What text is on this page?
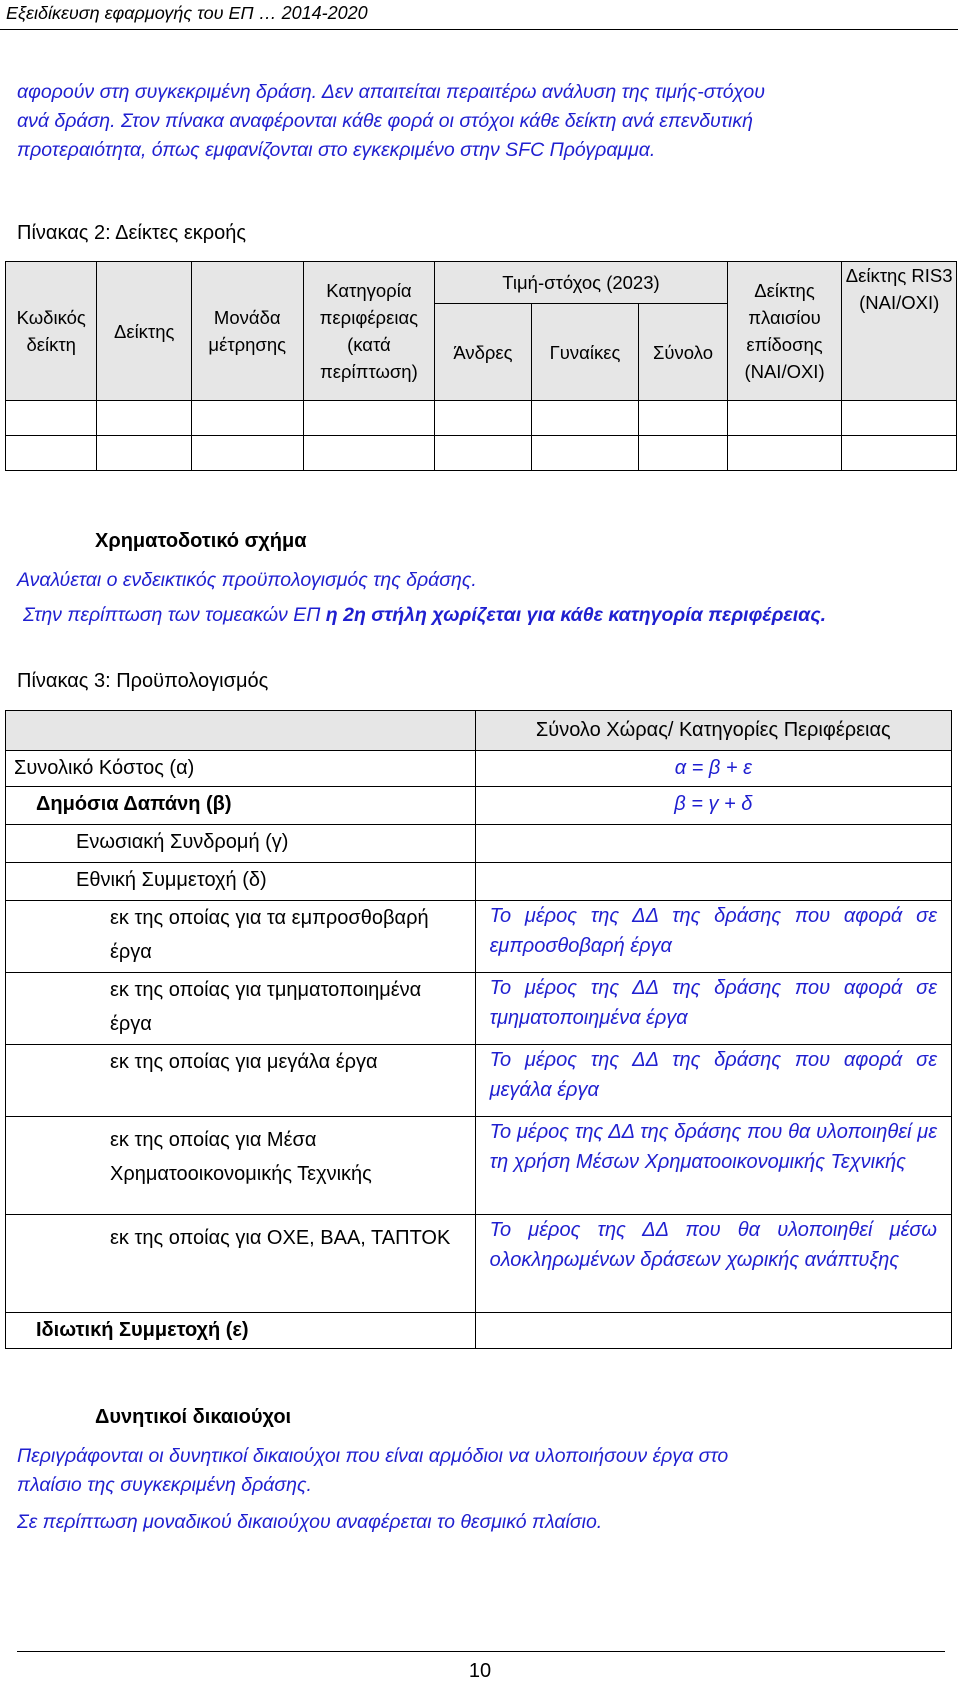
Εξειδίκευση εφαρμογής του ΕΠ … 2014-2020
αφορούν στη συγκεκριμένη δράση. Δεν απαιτείται περαιτέρω ανάλυση της τιμής-στόχου
ανά δράση. Στον πίνακα αναφέρονται κάθε φορά οι στόχοι κάθε δείκτη ανά επενδυτική
προτεραιότητα, όπως εμφανίζονται στο εγκεκριμένο στην SFC Πρόγραμμα.
Πίνακας 2: Δείκτες εκροής
Κωδικός δείκτη	Δείκτης	Μονάδα μέτρησης	Κατηγορία περιφέρειας (κατά περίπτωση)	Τιμή-στόχος (2023)			Δείκτης πλαισίου επίδοσης (ΝΑΙ/ΟΧΙ)	Δείκτης RIS3 (ΝΑΙ/ΟΧΙ)
				Άνδρες	Γυναίκες	Σύνολο		

Χρηματοδοτικό σχήμα
Αναλύεται ο ενδεικτικός προϋπολογισμός της δράσης.
Στην περίπτωση των τομεακών ΕΠ η 2η στήλη χωρίζεται για κάθε κατηγορία περιφέρειας.
Πίνακας 3: Προϋπολογισμός
	Σύνολο Χώρας/ Κατηγορίες Περιφέρειας
Συνολικό Κόστος (α)	α = β + ε
Δημόσια Δαπάνη (β)	β = γ + δ
Ενωσιακή Συνδρομή (γ)	
Εθνική Συμμετοχή (δ)	
εκ της οποίας για τα εμπροσθοβαρή έργα	Το μέρος της ΔΔ της δράσης που αφορά σε εμπροσθοβαρή έργα
εκ της οποίας για τμηματοποιημένα έργα	Το μέρος της ΔΔ της δράσης που αφορά σε τμηματοποιημένα έργα
εκ της οποίας για μεγάλα έργα	Το μέρος της ΔΔ της δράσης που αφορά σε μεγάλα έργα
εκ της οποίας για Μέσα Χρηματοοικονομικής Τεχνικής	Το μέρος της ΔΔ της δράσης που θα υλοποιηθεί με τη χρήση Μέσων Χρηματοοικονομικής Τεχνικής
εκ της οποίας για ΟΧΕ, ΒΑΑ, ΤΑΠΤΟΚ	Το μέρος της ΔΔ που θα υλοποιηθεί μέσω ολοκληρωμένων δράσεων χωρικής ανάπτυξης
Ιδιωτική Συμμετοχή (ε)	
Δυνητικοί δικαιούχοι
Περιγράφονται οι δυνητικοί δικαιούχοι που είναι αρμόδιοι να υλοποιήσουν έργα στο
πλαίσιο της συγκεκριμένη δράσης.
Σε περίπτωση μοναδικού δικαιούχου αναφέρεται το θεσμικό πλαίσιο.
10
